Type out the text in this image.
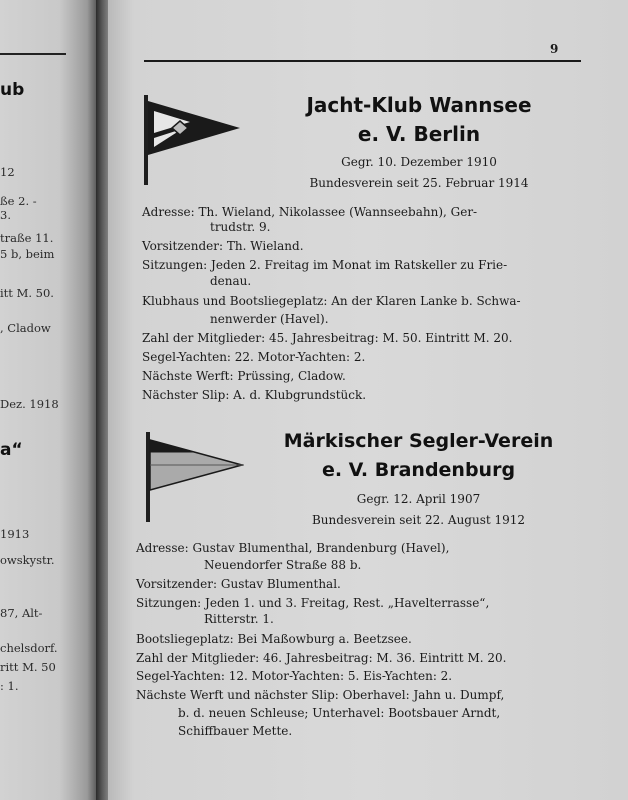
ub
12
ße 2. -
3.
traße 11.
5 b, beim
itt M. 50.
, Cladow
Dez. 1918
a“
1913
owskystr.
87, Alt-
chelsdorf.
ritt M. 50
: 1.
9
Jacht-Klub Wannsee
e. V. Berlin
Gegr. 10. Dezember 1910
Bundesverein seit 25. Februar 1914
Adresse: Th. Wieland, Nikolassee (Wannseebahn), Ger-
trudstr. 9.
Vorsitzender: Th. Wieland.
Sitzungen: Jeden 2. Freitag im Monat im Ratskeller zu Frie-
denau.
Klubhaus und Bootsliegeplatz: An der Klaren Lanke b. Schwa-
nenwerder (Havel).
Zahl der Mitglieder: 45. Jahresbeitrag: M. 50. Eintritt M. 20.
Segel-Yachten: 22. Motor-Yachten: 2.
Nächste Werft: Prüssing, Cladow.
Nächster Slip: A. d. Klubgrundstück.
Märkischer Segler-Verein
e. V. Brandenburg
Gegr. 12. April 1907
Bundesverein seit 22. August 1912
Adresse: Gustav Blumenthal, Brandenburg (Havel),
Neuendorfer Straße 88 b.
Vorsitzender: Gustav Blumenthal.
Sitzungen: Jeden 1. und 3. Freitag, Rest. „Havelterrasse“,
Ritterstr. 1.
Bootsliegeplatz: Bei Maßowburg a. Beetzsee.
Zahl der Mitglieder: 46. Jahresbeitrag: M. 36. Eintritt M. 20.
Segel-Yachten: 12. Motor-Yachten: 5. Eis-Yachten: 2.
Nächste Werft und nächster Slip: Oberhavel: Jahn u. Dumpf,
b. d. neuen Schleuse; Unterhavel: Bootsbauer Arndt,
Schiffbauer Mette.
